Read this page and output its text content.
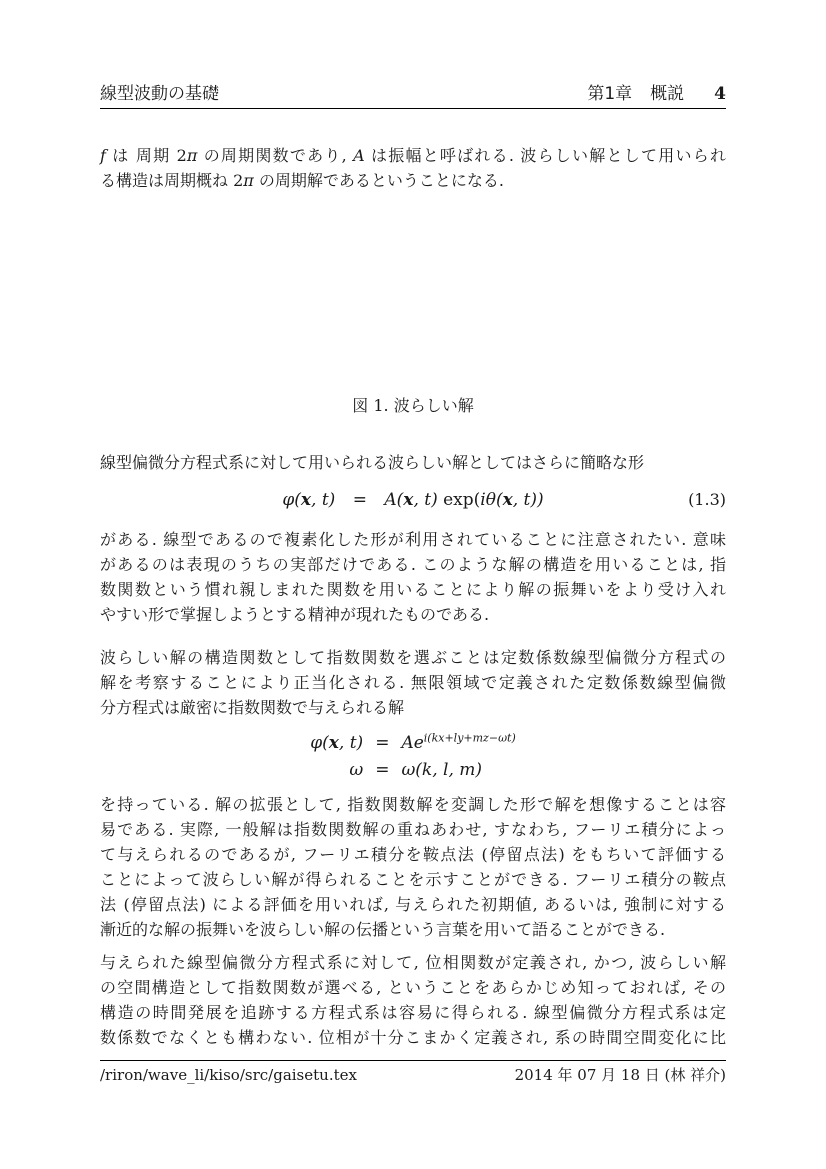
線型波動の基礎	第1章 概説 4
f は 周期 2π の周期関数であり, A は振幅と呼ばれる. 波らしい解として用いられ
る構造は周期概ね 2π の周期解であるということになる.
図 1. 波らしい解
線型偏微分方程式系に対して用いられる波らしい解としてはさらに簡略な形
φ(x, t) = A(x, t) exp(iθ(x, t))	(1.3)
がある. 線型であるので複素化した形が利用されていることに注意されたい. 意味
があるのは表現のうちの実部だけである. このような解の構造を用いることは, 指
数関数という慣れ親しまれた関数を用いることにより解の振舞いをより受け入れ
やすい形で掌握しようとする精神が現れたものである.
波らしい解の構造関数として指数関数を選ぶことは定数係数線型偏微分方程式の
解を考察することにより正当化される. 無限領域で定義された定数係数線型偏微
分方程式は厳密に指数関数で与えられる解
φ(x, $t) = Ae^{i(kx+ly+mz-\omega t)}$
ω = ω(k, l, m)
を持っている. 解の拡張として, 指数関数解を変調した形で解を想像することは容
易である. 実際, 一般解は指数関数解の重ねあわせ, すなわち, フーリエ積分によっ
て与えられるのであるが, フーリエ積分を鞍点法 (停留点法) をもちいて評価する
ことによって波らしい解が得られることを示すことができる. フーリエ積分の鞍点
法 (停留点法) による評価を用いれば, 与えられた初期値, あるいは, 強制に対する
漸近的な解の振舞いを波らしい解の伝播という言葉を用いて語ることができる.
与えられた線型偏微分方程式系に対して, 位相関数が定義され, かつ, 波らしい解
の空間構造として指数関数が選べる, ということをあらかじめ知っておれば, その
構造の時間発展を追跡する方程式系は容易に得られる. 線型偏微分方程式系は定
数係数でなくとも構わない. 位相が十分こまかく定義され, 系の時間空間変化に比
/riron/wave_li/kiso/src/gaisetu.tex	2014 年 07 月 18 日 (林 祥介)
